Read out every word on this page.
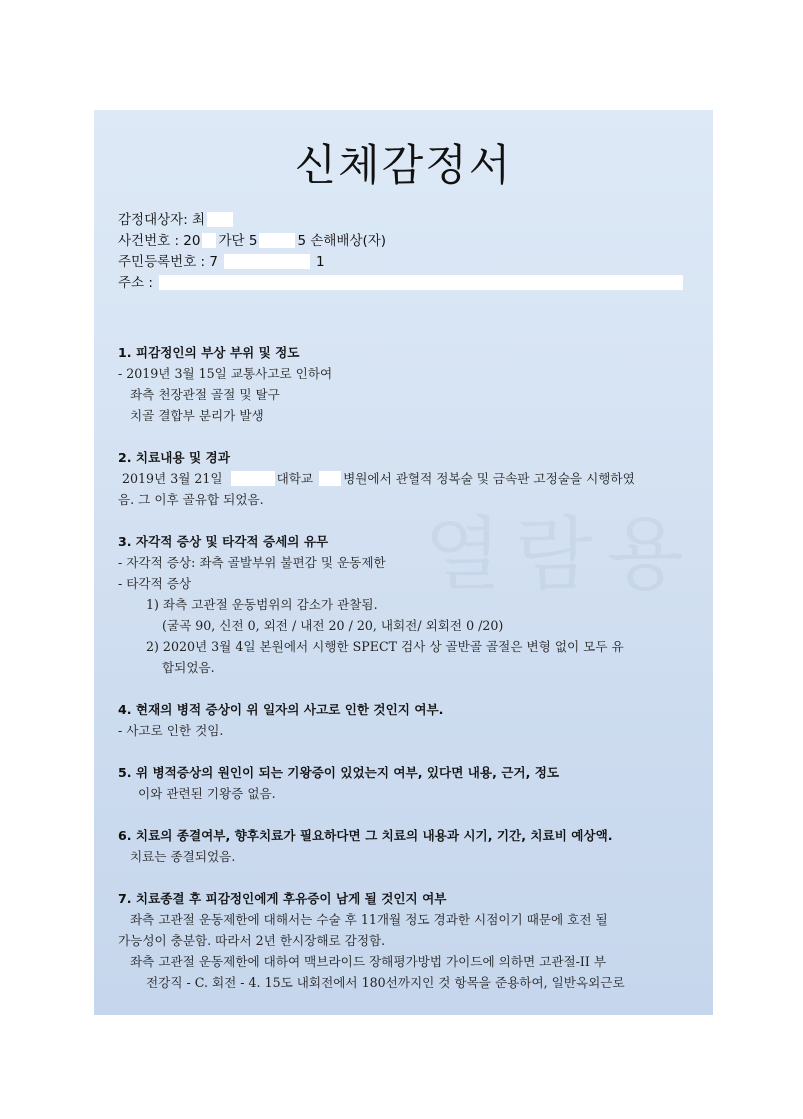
열람용
신체감정서
감정대상자: 최
사건번호 : 20 가단 5	5 손해배상(자)
주민등록번호 : 7	1
주소 :
1. 피감정인의 부상 부위 및 정도
- 2019년 3월 15일 교통사고로 인하여
좌측 천장관절 골절 및 탈구
치골 결합부 분리가 발생
2. 치료내용 및 경과
2019년 3월 21일	대학교 병원에서 관혈적 정복술 및 금속판 고정술을 시행하였
음. 그 이후 골유합 되었음.
3. 자각적 증상 및 타각적 증세의 유무
- 자각적 증상: 좌측 골발부위 불편감 및 운동제한
- 타각적 증상
1) 좌측 고관절 운동범위의 감소가 관찰됨.
(굴곡 90, 신전 0, 외전 / 내전 20 / 20, 내회전/ 외회전 0 /20)
2) 2020년 3월 4일 본원에서 시행한 SPECT 검사 상 골반골 골절은 변형 없이 모두 유
합되었음.
4. 현재의 병적 증상이 위 일자의 사고로 인한 것인지 여부.
- 사고로 인한 것임.
5. 위 병적증상의 원인이 되는 기왕증이 있었는지 여부, 있다면 내용, 근거, 정도
이와 관련된 기왕증 없음.
6. 치료의 종결여부, 향후치료가 필요하다면 그 치료의 내용과 시기, 기간, 치료비 예상액.
치료는 종결되었음.
7. 치료종결 후 피감정인에게 후유증이 남게 될 것인지 여부
좌측 고관절 운동제한에 대해서는 수술 후 11개월 정도 경과한 시점이기 때문에 호전 될
가능성이 충분함. 따라서 2년 한시장해로 감정함.
좌측 고관절 운동제한에 대하여 맥브라이드 장해평가방법 가이드에 의하면 고관절-II 부
전강직 - C. 회전 - 4. 15도 내회전에서 180선까지인 것 항목을 준용하여, 일반옥외근로
